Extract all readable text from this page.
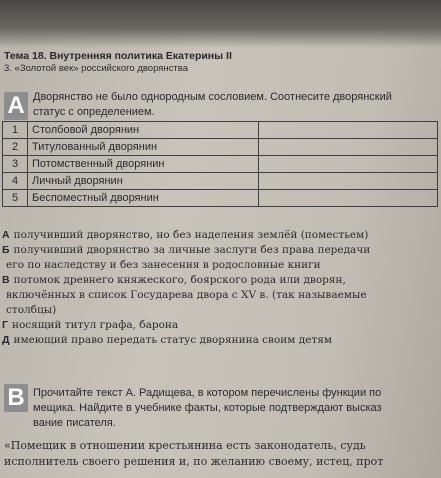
Тема 18. Внутренняя политика Екатерины II
3. «Золотой век» российского дворянства
А Дворянство не было однородным сословием. Соотнесите дворянский
статус с определением.
1	Столбовой дворянин	
2	Титулованный дворянин	
3	Потомственный дворянин	
4	Личный дворянин	
5	Беспоместный дворянин	
А получивший дворянство, но без наделения землёй (поместьем)
Б получивший дворянство за личные заслуги без права передачи
его по наследству и без занесения в родословные книги
В потомок древнего княжеского, боярского рода или дворян,
включённых в список Государева двора с XV в. (так называемые
столбцы)
Г носящий титул графа, барона
Д имеющий право передать статус дворянина своим детям
В Прочитайте текст А. Радищева, в котором перечислены функции по
мещика. Найдите в учебнике факты, которые подтверждают высказ
вание писателя.
«Помещик в отношении крестьянина есть законодатель, судь
исполнитель своего решения и, по желанию своему, истец, прот
